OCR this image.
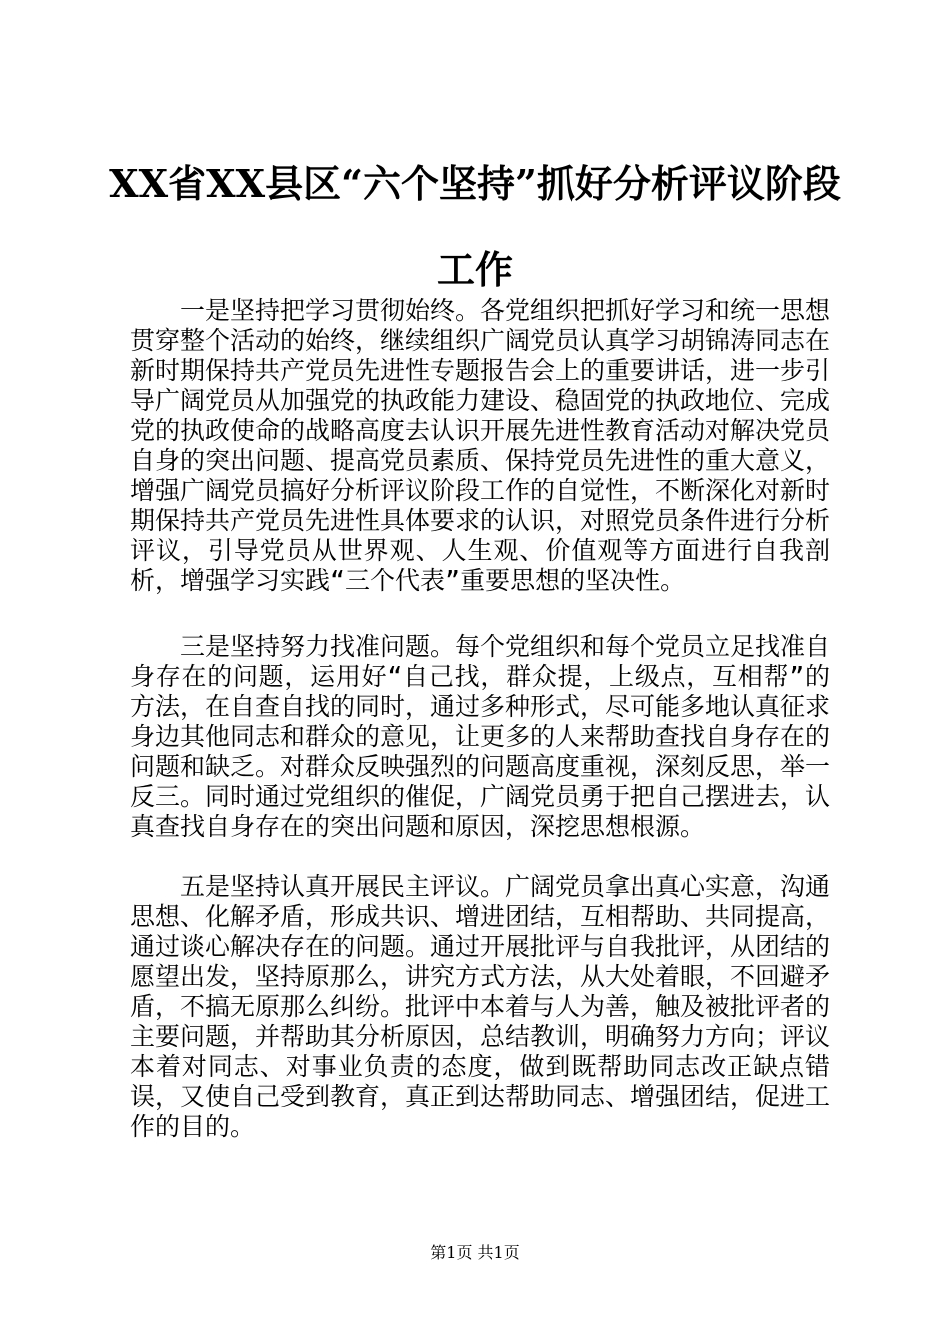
XX省XX县区“六个坚持”抓好分析评议阶段
工作

一是坚持把学习贯彻始终。各党组织把抓好学习和统一思想贯穿整个活动的始终，继续组织广阔党员认真学习胡锦涛同志在新时期保持共产党员先进性专题报告会上的重要讲话，进一步引导广阔党员从加强党的执政能力建设、稳固党的执政地位、完成党的执政使命的战略高度去认识开展先进性教育活动对解决党员自身的突出问题、提高党员素质、保持党员先进性的重大意义，增强广阔党员搞好分析评议阶段工作的自觉性，不断深化对新时期保持共产党员先进性具体要求的认识，对照党员条件进行分析评议，引导党员从世界观、人生观、价值观等方面进行自我剖析，增强学习实践“三个代表”重要思想的坚决性。

三是坚持努力找准问题。每个党组织和每个党员立足找准自身存在的问题，运用好“自己找，群众提，上级点，互相帮”的方法，在自查自找的同时，通过多种形式，尽可能多地认真征求身边其他同志和群众的意见，让更多的人来帮助查找自身存在的问题和缺乏。对群众反映强烈的问题高度重视，深刻反思，举一反三。同时通过党组织的催促，广阔党员勇于把自己摆进去，认真查找自身存在的突出问题和原因，深挖思想根源。

五是坚持认真开展民主评议。广阔党员拿出真心实意，沟通思想、化解矛盾，形成共识、增进团结，互相帮助、共同提高，通过谈心解决存在的问题。通过开展批评与自我批评，从团结的愿望出发，坚持原那么，讲究方式方法，从大处着眼，不回避矛盾，不搞无原那么纠纷。批评中本着与人为善，触及被批评者的主要问题，并帮助其分析原因，总结教训，明确努力方向；评议本着对同志、对事业负责的态度，做到既帮助同志改正缺点错误，又使自己受到教育，真正到达帮助同志、增强团结，促进工作的目的。

第1页 共1页
